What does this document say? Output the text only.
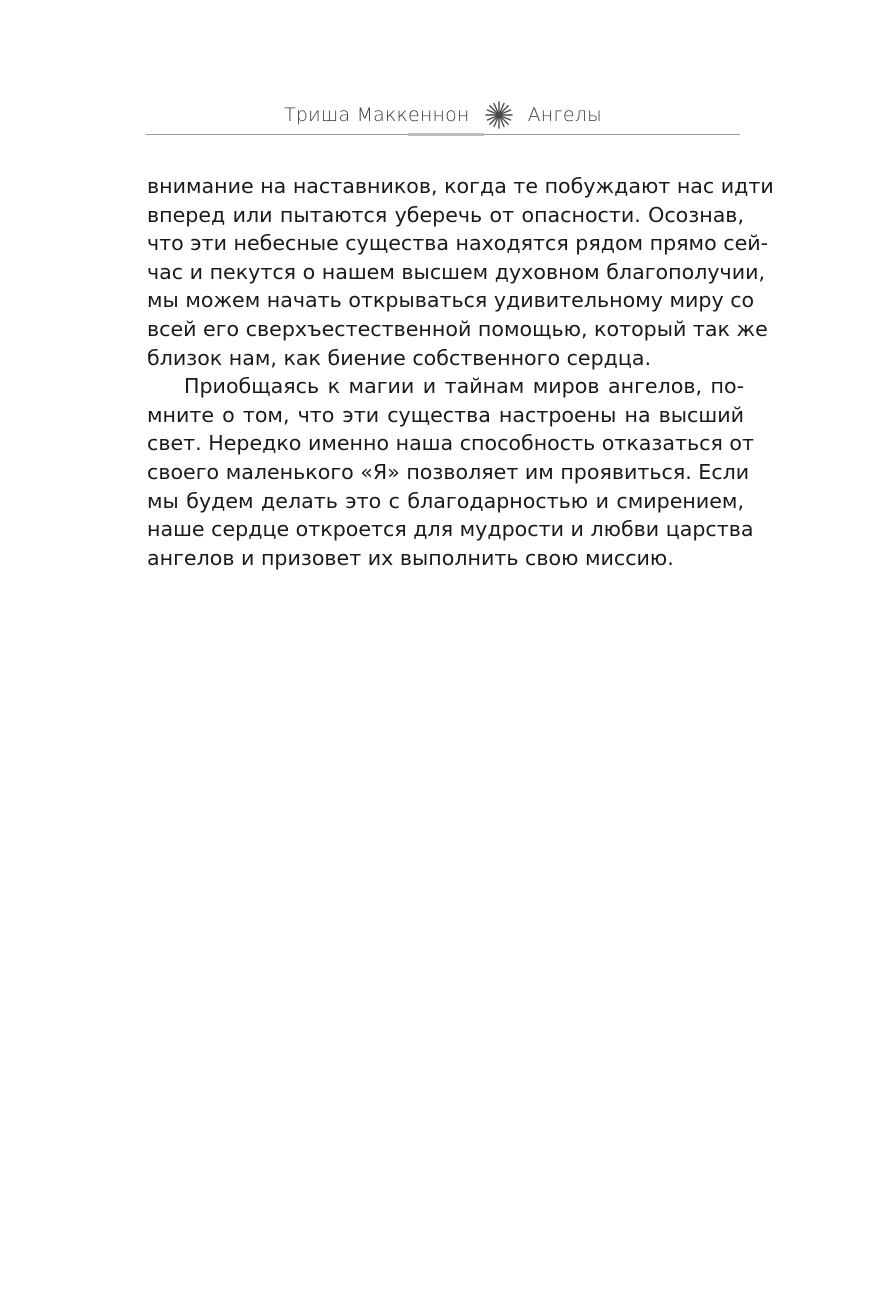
Триша Маккеннон	Ангелы

внимание на наставников, когда те побуждают нас идти
вперед или пытаются уберечь от опасности. Осознав,
что эти небесные существа находятся рядом прямо сей-
час и пекутся о нашем высшем духовном благополучии,
мы можем начать открываться удивительному миру со
всей его сверхъестественной помощью, который так же
близок нам, как биение собственного сердца.

Приобщаясь к магии и тайнам миров ангелов, по-
мните о том, что эти существа настроены на высший
свет. Нередко именно наша способность отказаться от
своего маленького «Я» позволяет им проявиться. Если
мы будем делать это с благодарностью и смирением,
наше сердце откроется для мудрости и любви царства
ангелов и призовет их выполнить свою миссию.
